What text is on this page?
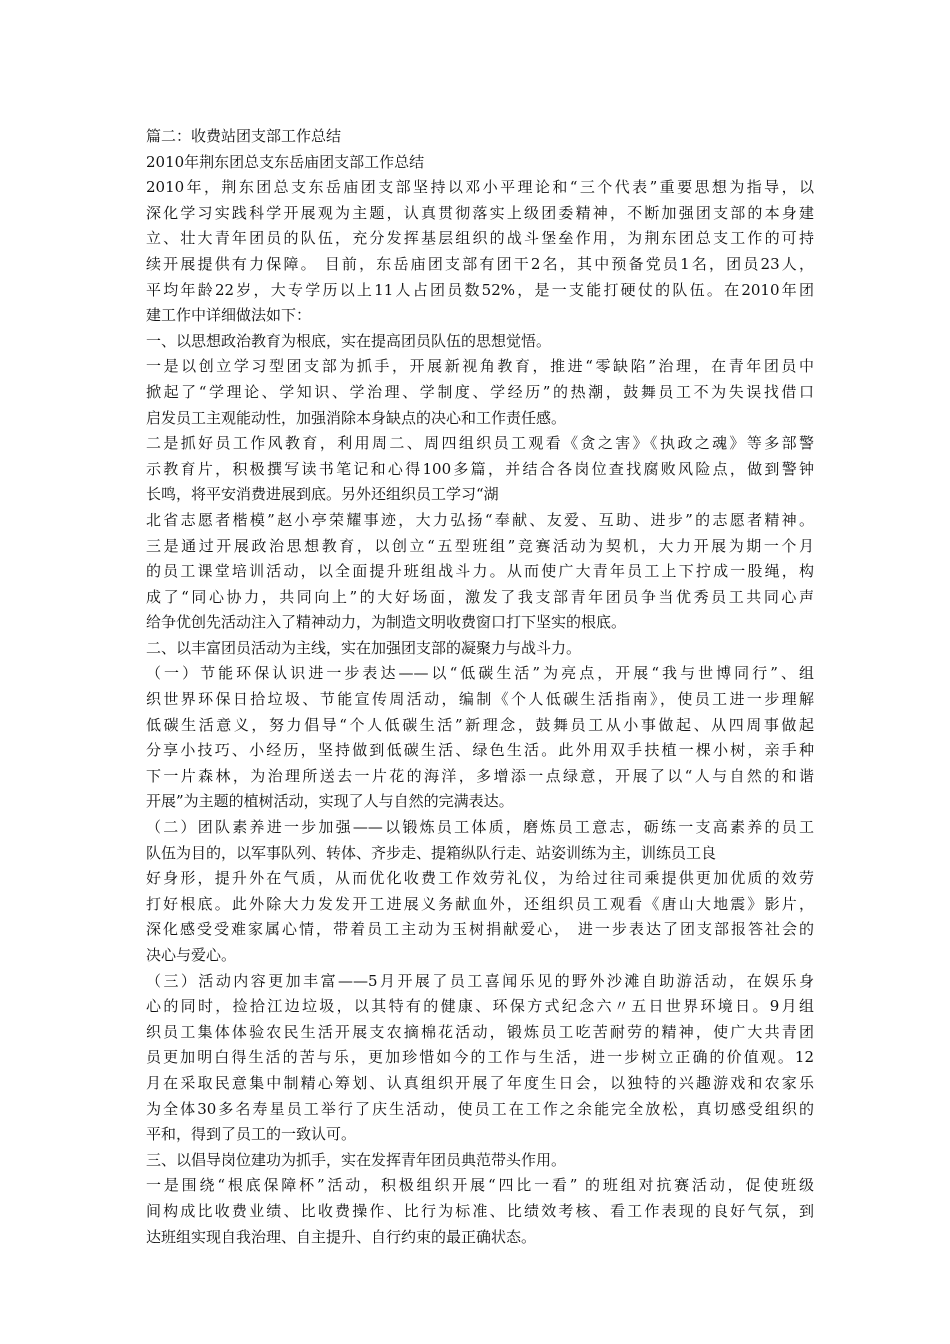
篇二：收费站团支部工作总结
2010年荆东团总支东岳庙团支部工作总结
2010年，荆东团总支东岳庙团支部坚持以邓小平理论和“三个代表”重要思想为指导，以
深化学习实践科学开展观为主题，认真贯彻落实上级团委精神，不断加强团支部的本身建
立、壮大青年团员的队伍，充分发挥基层组织的战斗堡垒作用，为荆东团总支工作的可持
续开展提供有力保障。 目前，东岳庙团支部有团干2名，其中预备党员1名，团员23人，
平均年龄22岁，大专学历以上11人占团员数52%，是一支能打硬仗的队伍。在2010年团
建工作中详细做法如下：
一、以思想政治教育为根底，实在提高团员队伍的思想觉悟。
一是以创立学习型团支部为抓手，开展新视角教育，推进“零缺陷”治理，在青年团员中
掀起了“学理论、学知识、学治理、学制度、学经历”的热潮，鼓舞员工不为失误找借口
启发员工主观能动性，加强消除本身缺点的决心和工作责任感。
二是抓好员工作风教育，利用周二、周四组织员工观看《贪之害》《执政之魂》等多部警
示教育片，积极撰写读书笔记和心得100多篇，并结合各岗位查找腐败风险点，做到警钟
长鸣，将平安消费进展到底。另外还组织员工学习“湖
北省志愿者楷模”赵小亭荣耀事迹，大力弘扬“奉献、友爱、互助、进步”的志愿者精神。
三是通过开展政治思想教育，以创立“五型班组”竞赛活动为契机，大力开展为期一个月
的员工课堂培训活动，以全面提升班组战斗力。从而使广大青年员工上下拧成一股绳，构
成了“同心协力，共同向上”的大好场面，激发了我支部青年团员争当优秀员工共同心声
给争优创先活动注入了精神动力，为制造文明收费窗口打下坚实的根底。
二、以丰富团员活动为主线，实在加强团支部的凝聚力与战斗力。
（一）节能环保认识进一步表达——以“低碳生活”为亮点，开展“我与世博同行”、组
织世界环保日拾垃圾、节能宣传周活动，编制《个人低碳生活指南》，使员工进一步理解
低碳生活意义，努力倡导“个人低碳生活”新理念，鼓舞员工从小事做起、从四周事做起
分享小技巧、小经历，坚持做到低碳生活、绿色生活。此外用双手扶植一棵小树，亲手种
下一片森林，为治理所送去一片花的海洋，多增添一点绿意，开展了以“人与自然的和谐
开展”为主题的植树活动，实现了人与自然的完满表达。
（二）团队素养进一步加强——以锻炼员工体质，磨炼员工意志，砺练一支高素养的员工
队伍为目的，以军事队列、转体、齐步走、提箱纵队行走、站姿训练为主，训练员工良
好身形，提升外在气质，从而优化收费工作效劳礼仪，为给过往司乘提供更加优质的效劳
打好根底。此外除大力发发开工进展义务献血外，还组织员工观看《唐山大地震》影片，
深化感受受难家属心情，带着员工主动为玉树捐献爱心， 进一步表达了团支部报答社会的
决心与爱心。
（三）活动内容更加丰富——5月开展了员工喜闻乐见的野外沙滩自助游活动，在娱乐身
心的同时，捡拾江边垃圾，以其特有的健康、环保方式纪念六〃五日世界环境日。9月组
织员工集体体验农民生活开展支农摘棉花活动，锻炼员工吃苦耐劳的精神，使广大共青团
员更加明白得生活的苦与乐，更加珍惜如今的工作与生活，进一步树立正确的价值观。12
月在采取民意集中制精心筹划、认真组织开展了年度生日会，以独特的兴趣游戏和农家乐
为全体30多名寿星员工举行了庆生活动，使员工在工作之余能完全放松，真切感受组织的
平和，得到了员工的一致认可。
三、以倡导岗位建功为抓手，实在发挥青年团员典范带头作用。
一是围绕“根底保障杯”活动，积极组织开展“四比一看” 的班组对抗赛活动，促使班级
间构成比收费业绩、比收费操作、比行为标准、比绩效考核、看工作表现的良好气氛，到
达班组实现自我治理、自主提升、自行约束的最正确状态。
